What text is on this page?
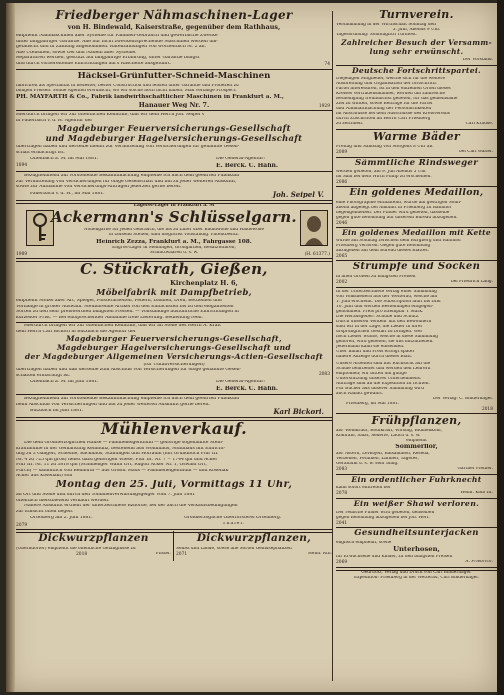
Friedberger Nähmaschinen-Lager
von H. Bindewald, Kaiserstraße, gegenüber dem Rathhaus,
empfiehlt Nähmaschinen aller Systeme für Familien-Gebrauch und gewerbliche Zwecke
unter langjähriger Garantie. Alle nur nicht zweckentsprechende Maschinen werden um-
getauscht und in Zahlung angenommen. Ratenzahlungen von wöchentlich M. 2 an.
Alle Utensilien, sowie Oel und Nadeln aller Systeme.
Reparaturen werden, gestützt auf langjährige Erfahrung, unter Garantie billigst
und durch vorbereitende Einrichtungen auf's Raschefte ausgeführt.	74
Häcksel-Grünfutter-Schneid-Maschinen
fabriciren als Specialität in neuester, bester Construction und leisten unter Garantie und Probezeit zu
billigen Preisen. Solide Agenten erwünscht, wo wir solche noch nicht haben. Man verlange Prospect.
PH. MAYFARTH & Co., Fabrik landwirthschaftlicher Maschinen in Frankfurt a. M.,
Hanauer Weg Nr. 7.	1929
Hierdurch bringen wir zur öffentlichen Kenntniß, daß wir dem Herrn Joh. Seipel V
in Fauerbach v. d. H. Agentur der
Magdeburger Feuerversicherungs-Gesellschaft
und Magdeburger Hagelversicherungs-Gesellschaft
übertragen haben und derselbe hiemit zur Vermittelung von Versicherungen für genannte Gesell-
schaft ermächtigt ist.
Offenbach a. M. im Mai 1881.	Die General-Agentur:
1894	E. Berck. C. Hahn.
Bezugnehmend auf vorstehende Bekanntmachung empfehle ich mich dem geehrten Publikum
zur Vermittelung von Versicherungen für obige Gesellschaft und bin zu jeder weiteren Auskunft,
sowie zur Aufnahme von Versicherungs-Anträgen jederzeit gerne bereit.
Fauerbach v. d. H., im Mai 1881.	Joh. Seipel V.
Lagerei-Lager in Frankfurt a. M
Ackermann's Schlüsselgarn.
Nollengarne für jeden Gebrauch, die bis zu Ziffer über Baumwolle und Haldewolle
in tausend Stellen, sind möglichst vollständig. Patentbesitz.
Heinrich Zezza, Frankfurt a. M., Fahrgasse 108.
Engros-Lager in Meiningen, Großgarnen, Besatzwaaren,
Schnittwaaren u. s. w.
1989	(H. 61377.)
C. Stückrath, Gießen,
Kirchenplatz H. 6,
Möbelfabrik mit Dampfbetrieb,
empfiehlt Möbel aller Art, Spiegel, Polsterarbeiten, Federn, Daunen, Drell, Bettleinen und
Vorhänge in großer Auswahl. Meublirende Artikel von den Einfachsten bis zu den elegantesten
Sorten zu den sehr preiswerthen billigsten Preisen. — Vollständige ausführliche Einrichtungen in
kürzester Frist. — Bei entsprechender Abnahme freie Lieferung. Bedienung reell.
Hierdurch bringen wir zur öffentlichen Kenntniß, daß wir an Stelle des Herrn A. Kraft
dem Herrn Carl Bickori in Butzbach die Agentur der
Magdeburger Feuerversicherungs-Gesellschaft,
Magdeburger Hagelversicherungs-Gesellschaft und
der Magdeburger Allgemeinen Versicherungs-Actien-Gesellschaft
(für Unfallversicherungen)
übertragen haben und daß derselbe zum Abschluß von Versicherungen für obige genannte Gesell-
schaften ermächtigt ist.
Offenbach a. M. im Juni 1881.	Die General-Agentur:
E. Berck. C. Hahn.
2083
Bezugnehmend auf vorstehende Bekanntmachung empfehle ich mich dem geehrten Publikum
beim Abschluß von Versicherungen und bin zu jeder weiteren Auskunft gerne bereit.
Butzbach im Juni 1881.	Karl Bickori.
Mühlenverkauf.
Die dem Großherzoglichen Hause — Familieneigenthum — gehörige sogenannte Stein-
krautmühle in der Gemarkung Kellmünz, bestehend aus Wohnhaus, Mühlhaus mit Einricht-
ung zu 3 Gängen, Scheune, Backhaus, Stallungen und Hofraum (mit Grundbuch Flur III.
Nr. 4 zu 725 qm groß) nebst dazu gehörigen Wiese, Flur III. Nr. 7 = 1744 qm und Acker
Flur III. Nr. 11 zu 3818 qm (Schmieliger Wann Ort, Rugolf Acker Nr. 1, Oswald Ort,
Furch) — sämmtlich von Bellmuth — aus Großh. Haus — Familieneigenthum — und Kosenak
Acker aus Kosenakt) soll
Montag den 25. Juli, Vormittags 11 Uhr,
an Ort und Stelle und durch den Tomänenverwaltungsgeiger vom 7. Juni 1881
öffentlich meistbietend verkauft werden.
Nähere Auskunft ertheilt der unterzeichnete Bzhörde, bei der auch die Verkaufsbedingungen
zur Einsicht offen liegen.
Ortenberg am 2. Juni 1881.	Großherzogliche Oberförsterei Ortenberg.
2079	Thaler.
Dickwurzpflanzen
(Oberndorfer) empfiehlt die öffentliche Gefängnisse zu
Pfister.
2018
Dickwurzpflanzen,
Selbst und Lande, sowie alle Sorten Gemüsepflanzen
2071	Heinr. Rth.
Turnverein.
Versammlung in der Wirthschaft Sonntag den
5. Juni, Abends 9 Uhr.
Tagesordnung: Sonntäglich Turnfest.
Zahlreicher Besuch der Versamm-
lung sehr erwünscht.
Der Vorstand.
Deutsche Fortschrittspartei.
Diejenigen Mitglieder, welche sich für die weitere
Ausbreitung und Organisation der fortschrittl.
Partei interessiren, ist in den einzelnen Orten dieses
Kreises Vertrauensmänner, werden um zahlreiche
Betheiligung freundlichst gebeten, für das gemeinsame
Ziel zu wirken, sowie Beiträge für die Partei
und Namhaftmachung der Persönlichkeiten
im Anschlusse bei dem Ausschusse des Kreisvereins
durch Zuschriften an Herrn Carl Friedberg
zu zeichnen.	Carl Krause.
Warme Bäder
Freitag und Samstag von Morgens 8 Uhr ab.
bei Carl Walter.
2089
Sämmtliche Rindsweger
werden gebeten, am 9. Juli Abends 5 Uhr
im Saal bei dem Wirth Philip zu erscheinen.
2086
Ein goldenes Medaillon,
eine Photographie enthaltend, wurde am gestrigen Sonn-
abend abgelegt bei Ankunft in Friedberg zu Bahnhof
liegengeblieben. Der Finder wird gebeten, dasselbe
gegen gute Belohnung auf unserem Bureau abzugeben.
2046
Ein goldenes Medaillon mit Kette
wurde am Sonntag zwischen dem Burgberg und Bahnhof
Friedberg verloren. Gegen gute Belohnung
abzugeben auf dem Bureau dieses Blattes.
2065
Strümpfe und Socken
in allen Größen zu billigsten Preisen
bei Friedrich Lang.
2002
In der Unterzeichnete Verlag einer Sammlung
von Volksliedern aus der Wetterau, welche am
1. Juni erscheint. Die Subscription läuft bis zum
10. Juni und werden Bestellungen entgegen-
genommen. Preis pro Exemplar 1 Mark.
Die Herausgeber: Schülle und Schütz.
Durch unseren Verkehr mit den Bewohnern
sind wir in der Lage, die Lieder in ihrer
ursprünglichen Gestalt zu bringen. Wer
noch Lieder wüßte, welche in diese Sammlung
gehören, wird gebeten, sie uns mitzutheilen.
Jedermann kann sie einsenden.
Über Inhalt und Preis erfolgt später
nähere Anzeige durch dieses Blatt.
Unsere Arbeiten sind mit Rücksicht auf die
Schule bearbeitet und werden den Lehrern
empfohlen; wir bitten um gütige
Unterstützung unseres Unternehmens.
Aufträge sind an die Expedition zu richten.
Für Bücher aus unserer Sammlung wird
auch Rabatt gewährt.
Der Verlag: C. Bindernagel.
Friedberg, im Mai 1881.
2018
Frühpflanzen,
als: Weißkraut, Rothkraut, Wirsing, Blumenkohl,
Kohlrabi, Salat, Sellerie, Lauch u. s. w.
empfiehlt
Sommerflor,
als: Astern, Levkojen, Balsaminen, Reseda,
Verbenen, Petunien, Zinnien, Tagetes,
Geranium u. s. w. sehr billig.
Gärtner Pfeiffer.
2083
Ein ordentlicher Fuhrknecht
kann sofort eintreten bei
Heinr. Kolb III.
2078
Ein weißer Shawl verloren.
Der redliche Finder wird gebeten, denselben
gegen Belohnung abzugeben bei Joh. Herr.
2041
Gesundheitsunterjacken
englisch empfiehlt, sowie
Unterhosen,
für Erwachsene und Kinder, zu den billigsten Preisen
A. Friedrich.
2069
Gedruckt, Verlag und Druck von Carl Bindernagel.
Expedition: Friedberg in der Wetterau, Carl Bindernagel.
